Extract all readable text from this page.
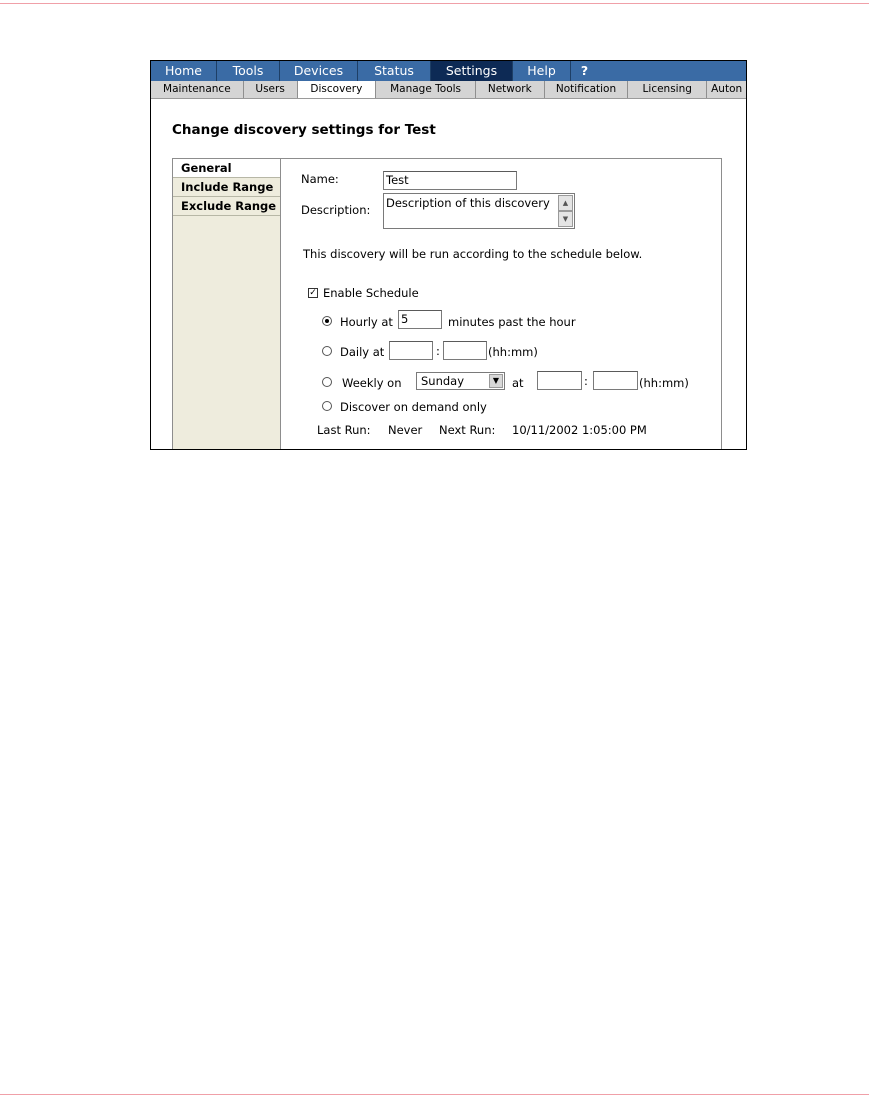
Home	Tools	Devices	Status	Settings	Help	?
Maintenance	Users	Discovery	Manage Tools	Network	Notification	Licensing	Auton
Change discovery settings for Test
General
Include Range
Exclude Range
Name:	Test
Description: Description of this discovery	▲
▼
This discovery will be run according to the schedule below.
✓ Enable Schedule
Hourly at 5	minutes past the hour
Daily at	:	(hh:mm)
Weekly on Sunday	▼	at	:	(hh:mm)
Discover on demand only
Last Run: Never Next Run: 10/11/2002 1:05:00 PM
